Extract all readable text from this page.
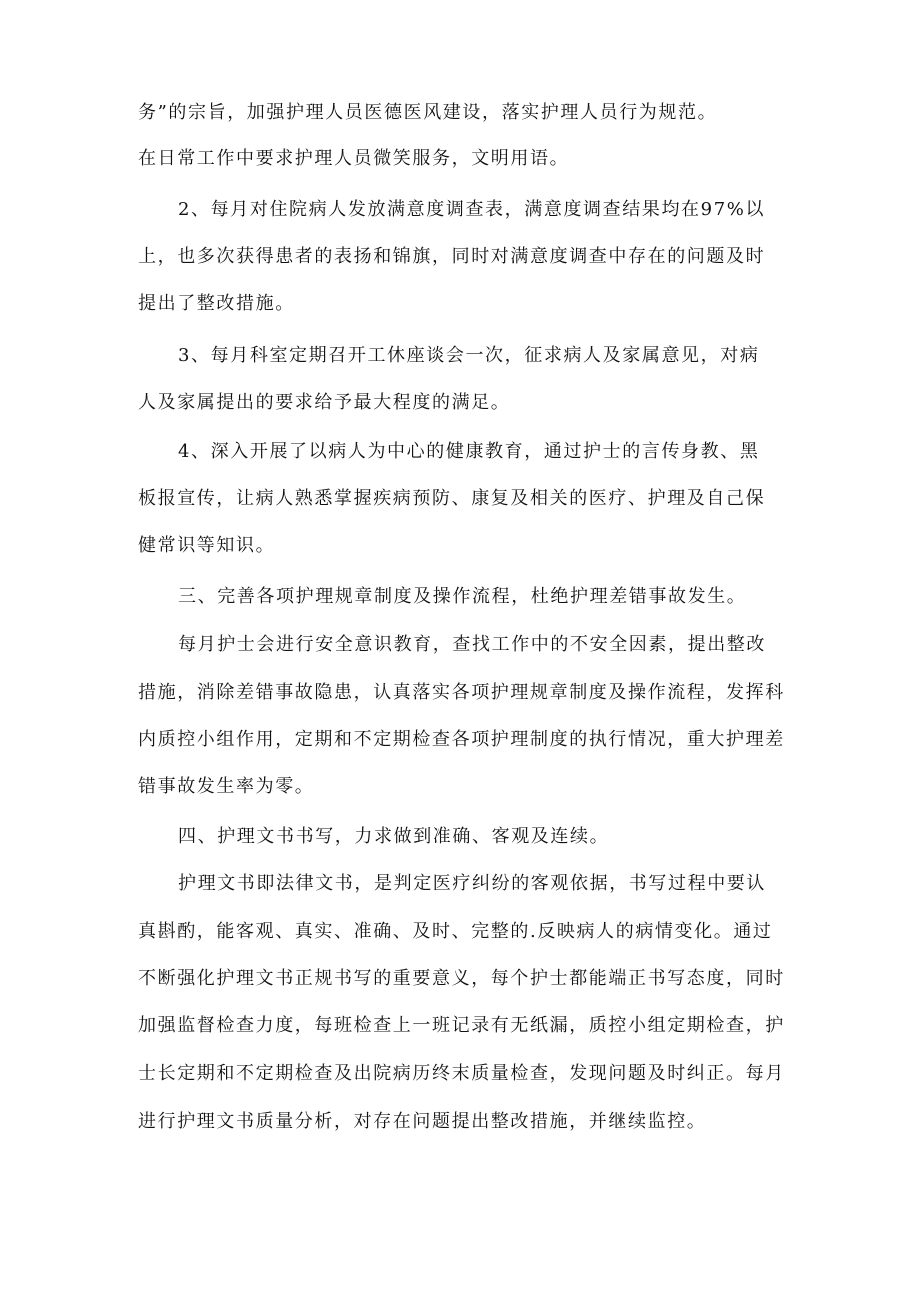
务”的宗旨，加强护理人员医德医风建设，落实护理人员行为规范。
在日常工作中要求护理人员微笑服务，文明用语。
2、每月对住院病人发放满意度调查表，满意度调查结果均在97%以
上，也多次获得患者的表扬和锦旗，同时对满意度调查中存在的问题及时
提出了整改措施。
3、每月科室定期召开工休座谈会一次，征求病人及家属意见，对病
人及家属提出的要求给予最大程度的满足。
4、深入开展了以病人为中心的健康教育，通过护士的言传身教、黑
板报宣传，让病人熟悉掌握疾病预防、康复及相关的医疗、护理及自己保
健常识等知识。
三、完善各项护理规章制度及操作流程，杜绝护理差错事故发生。
每月护士会进行安全意识教育，查找工作中的不安全因素，提出整改
措施，消除差错事故隐患，认真落实各项护理规章制度及操作流程，发挥科
内质控小组作用，定期和不定期检查各项护理制度的执行情况，重大护理差
错事故发生率为零。
四、护理文书书写，力求做到准确、客观及连续。
护理文书即法律文书，是判定医疗纠纷的客观依据，书写过程中要认
真斟酌，能客观、真实、准确、及时、完整的.反映病人的病情变化。通过
不断强化护理文书正规书写的重要意义，每个护士都能端正书写态度，同时
加强监督检查力度，每班检查上一班记录有无纸漏，质控小组定期检查，护
士长定期和不定期检查及出院病历终末质量检查，发现问题及时纠正。每月
进行护理文书质量分析，对存在问题提出整改措施，并继续监控。
